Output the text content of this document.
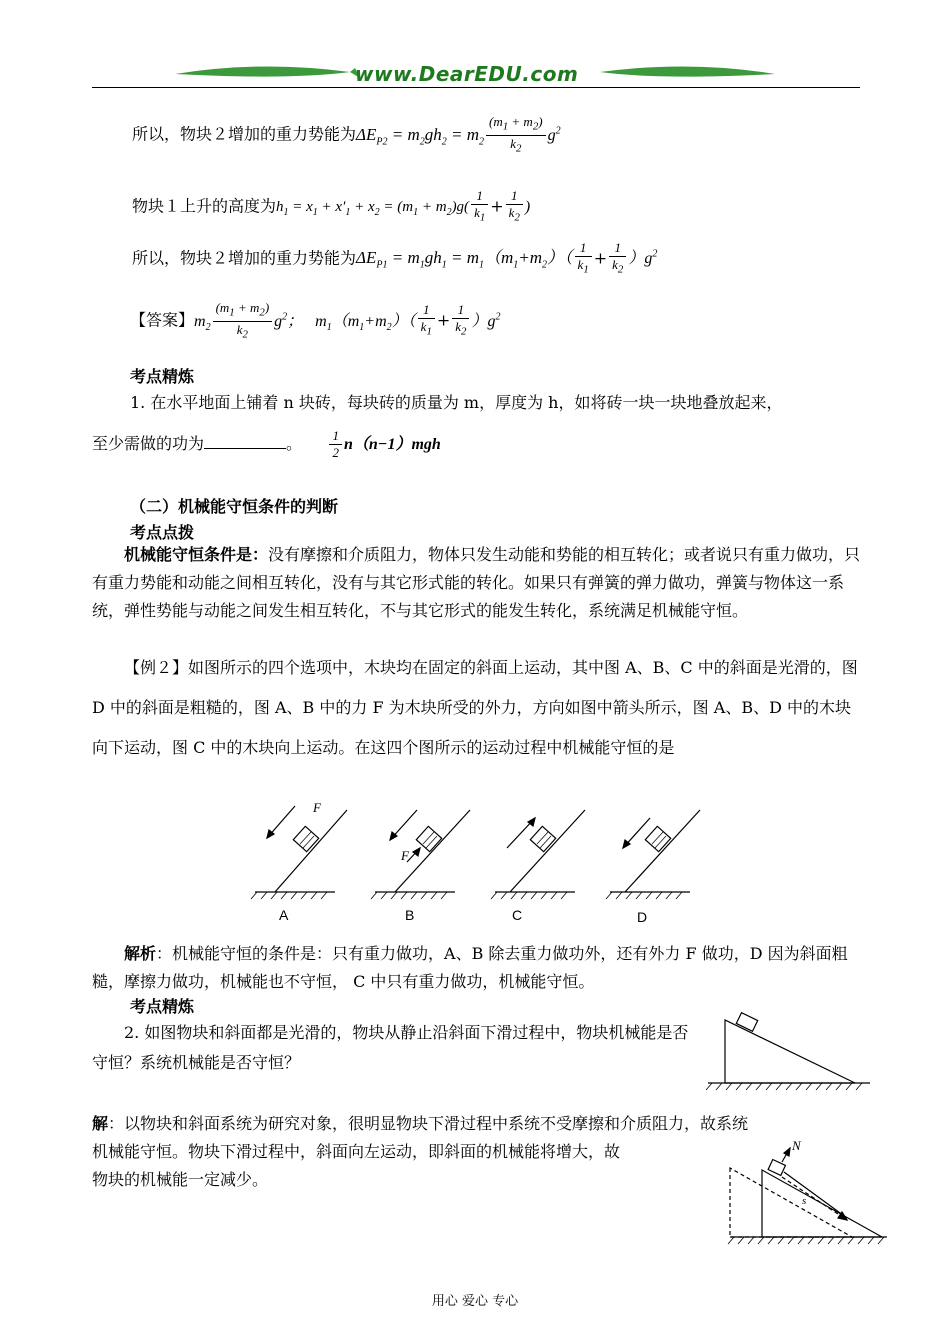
www.DearEDU.com
所以，物块２增加的重力势能为$\Delta E_{P2} = m_2gh_2 = m_2 \frac{(m_1 + m_2)}{k_2} g^2$
物块１上升的高度为$h_1 = x_1 + x'_1 + x_2 = (m_1 + m_2)g( \frac{1}{k_1} + \frac{1}{k_2}$ )
所以，物块２增加的重力势能为$\Delta E_{P1} = m_1gh_1 = m_1(m_1+m_2)( \frac{1}{k_1} + \frac{1}{k_2} )g^2$
【答案】$m_2 \frac{(m_1 + m_2)}{k_2} g^2$；   $m_1(m_1+m_2)( \frac{1}{k_1} + \frac{1}{k_2} )g^2$
考点精炼
1. 在水平地面上铺着 n 块砖，每块砖的质量为 m，厚度为 h，如将砖一块一块地叠放起来，
至少需做的功为	。 $\frac{1}{2} n(n-1)mgh$
（二）机械能守恒条件的判断
考点点拨
机械能守恒条件是：没有摩擦和介质阻力，物体只发生动能和势能的相互转化；或者说只有重力做功，只有重力势能和动能之间相互转化，没有与其它形式能的转化。如果只有弹簧的弹力做功，弹簧与物体这一系统，弹性势能与动能之间发生相互转化，不与其它形式的能发生转化，系统满足机械能守恒。
【例２】如图所示的四个选项中，木块均在固定的斜面上运动，其中图 A、B、C 中的斜面是光滑的，图 D 中的斜面是粗糙的，图 A、B 中的力 F 为木块所受的外力，方向如图中箭头所示，图 A、B、D 中的木块向下运动，图 C 中的木块向上运动。在这四个图所示的运动过程中机械能守恒的是
F
F
A	B	C	D
解析：机械能守恒的条件是：只有重力做功，A、B 除去重力做功外，还有外力 F 做功，D 因为斜面粗糙，摩擦力做功，机械能也不守恒， C 中只有重力做功，机械能守恒。
考点精炼
2. 如图物块和斜面都是光滑的，物块从静止沿斜面下滑过程中，物块机械能是否守恒？系统机械能是否守恒？
解：以物块和斜面系统为研究对象，很明显物块下滑过程中系统不受摩擦和介质阻力，故系统
机械能守恒。物块下滑过程中，斜面向左运动，即斜面的机械能将增大，故
物块的机械能一定减少。
N
s
用心 爱心 专心
